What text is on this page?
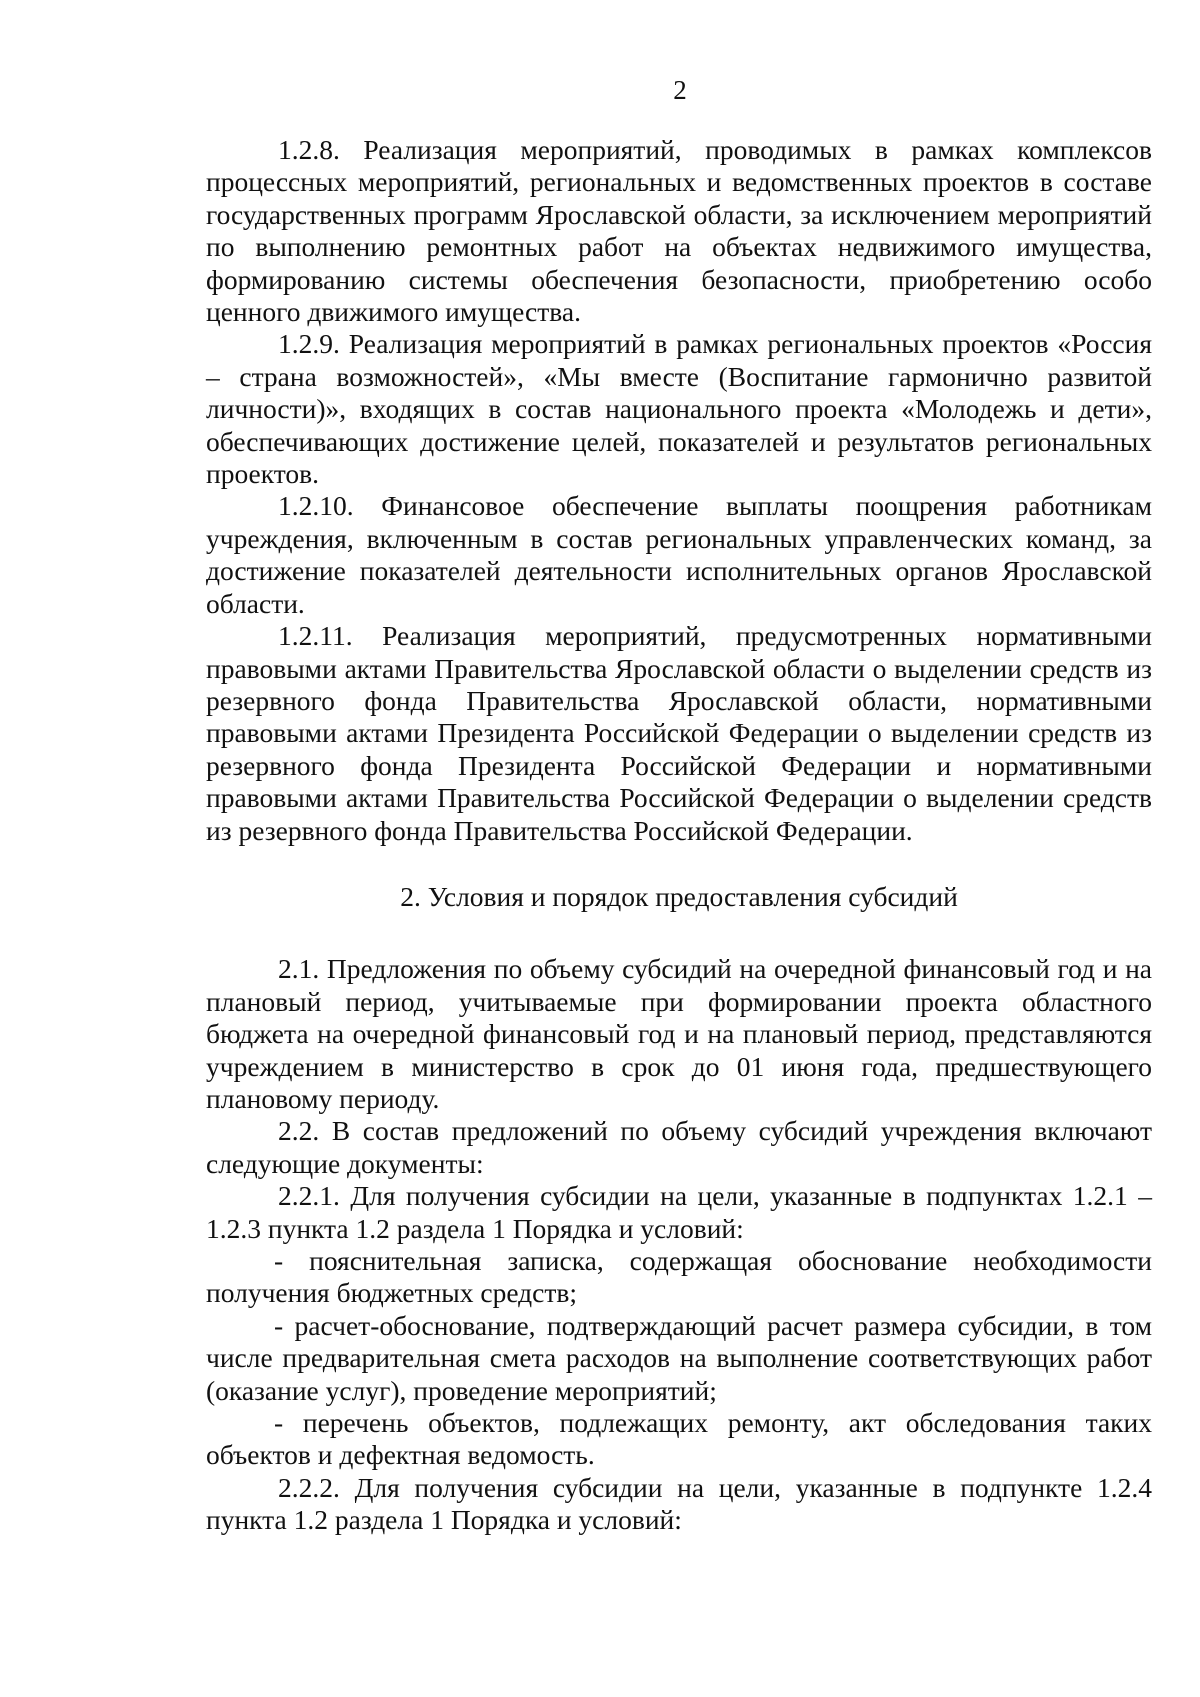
2

1.2.8. Реализация мероприятий, проводимых в рамках комплексов процессных мероприятий, региональных и ведомственных проектов в составе государственных программ Ярославской области, за исключением мероприятий по выполнению ремонтных работ на объектах недвижимого имущества, формированию системы обеспечения безопасности, приобретению особо ценного движимого имущества.

1.2.9. Реализация мероприятий в рамках региональных проектов «Россия – страна возможностей», «Мы вместе (Воспитание гармонично развитой личности)», входящих в состав национального проекта «Молодежь и дети», обеспечивающих достижение целей, показателей и результатов региональных проектов.

1.2.10. Финансовое обеспечение выплаты поощрения работникам учреждения, включенным в состав региональных управленческих команд, за достижение показателей деятельности исполнительных органов Ярославской области.

1.2.11. Реализация мероприятий, предусмотренных нормативными правовыми актами Правительства Ярославской области о выделении средств из резервного фонда Правительства Ярославской области, нормативными правовыми актами Президента Российской Федерации о выделении средств из резервного фонда Президента Российской Федерации и нормативными правовыми актами Правительства Российской Федерации о выделении средств из резервного фонда Правительства Российской Федерации.

2. Условия и порядок предоставления субсидий

2.1. Предложения по объему субсидий на очередной финансовый год и на плановый период, учитываемые при формировании проекта областного бюджета на очередной финансовый год и на плановый период, представляются учреждением в министерство в срок до 01 июня года, предшествующего плановому периоду.

2.2. В состав предложений по объему субсидий учреждения включают следующие документы:

2.2.1. Для получения субсидии на цели, указанные в подпунктах 1.2.1 – 1.2.3 пункта 1.2 раздела 1 Порядка и условий:

- пояснительная записка, содержащая обоснование необходимости получения бюджетных средств;

- расчет-обоснование, подтверждающий расчет размера субсидии, в том числе предварительная смета расходов на выполнение соответствующих работ (оказание услуг), проведение мероприятий;

- перечень объектов, подлежащих ремонту, акт обследования таких объектов и дефектная ведомость.

2.2.2. Для получения субсидии на цели, указанные в подпункте 1.2.4 пункта 1.2 раздела 1 Порядка и условий:
